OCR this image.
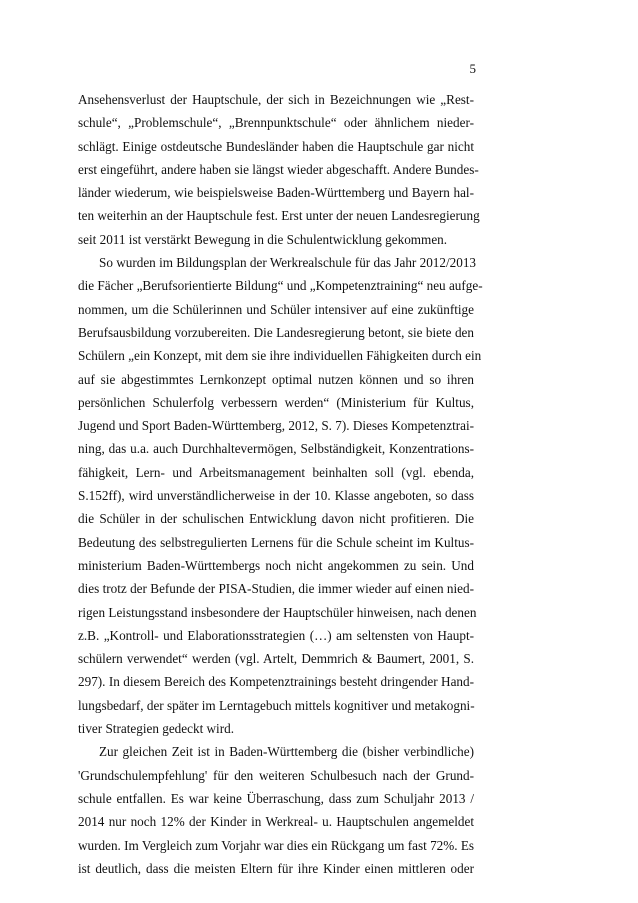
5
Ansehensverlust der Hauptschule, der sich in Bezeichnungen wie „Rest-
schule“, „Problemschule“, „Brennpunktschule“ oder ähnlichem nieder-
schlägt. Einige ostdeutsche Bundesländer haben die Hauptschule gar nicht
erst eingeführt, andere haben sie längst wieder abgeschafft. Andere Bundes-
länder wiederum, wie beispielsweise Baden-Württemberg und Bayern hal-
ten weiterhin an der Hauptschule fest. Erst unter der neuen Landesregierung
seit 2011 ist verstärkt Bewegung in die Schulentwicklung gekommen.
So wurden im Bildungsplan der Werkrealschule für das Jahr 2012/2013
die Fächer „Berufsorientierte Bildung“ und „Kompetenztraining“ neu aufge-
nommen, um die Schülerinnen und Schüler intensiver auf eine zukünftige
Berufsausbildung vorzubereiten. Die Landesregierung betont, sie biete den
Schülern „ein Konzept, mit dem sie ihre individuellen Fähigkeiten durch ein
auf sie abgestimmtes Lernkonzept optimal nutzen können und so ihren
persönlichen Schulerfolg verbessern werden“ (Ministerium für Kultus,
Jugend und Sport Baden-Württemberg, 2012, S. 7). Dieses Kompetenztrai-
ning, das u.a. auch Durchhaltevermögen, Selbständigkeit, Konzentrations-
fähigkeit, Lern- und Arbeitsmanagement beinhalten soll (vgl. ebenda,
S.152ff), wird unverständlicherweise in der 10. Klasse angeboten, so dass
die Schüler in der schulischen Entwicklung davon nicht profitieren. Die
Bedeutung des selbstregulierten Lernens für die Schule scheint im Kultus-
ministerium Baden-Württembergs noch nicht angekommen zu sein. Und
dies trotz der Befunde der PISA-Studien, die immer wieder auf einen nied-
rigen Leistungsstand insbesondere der Hauptschüler hinweisen, nach denen
z.B. „Kontroll- und Elaborationsstrategien (…) am seltensten von Haupt-
schülern verwendet“ werden (vgl. Artelt, Demmrich & Baumert, 2001, S.
297). In diesem Bereich des Kompetenztrainings besteht dringender Hand-
lungsbedarf, der später im Lerntagebuch mittels kognitiver und metakogni-
tiver Strategien gedeckt wird.
Zur gleichen Zeit ist in Baden-Württemberg die (bisher verbindliche)
'Grundschulempfehlung' für den weiteren Schulbesuch nach der Grund-
schule entfallen. Es war keine Überraschung, dass zum Schuljahr 2013 /
2014 nur noch 12% der Kinder in Werkreal- u. Hauptschulen angemeldet
wurden. Im Vergleich zum Vorjahr war dies ein Rückgang um fast 72%. Es
ist deutlich, dass die meisten Eltern für ihre Kinder einen mittleren oder
